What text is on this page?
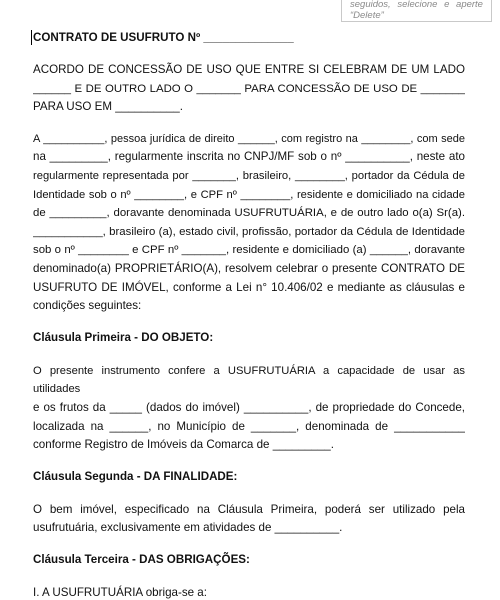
seguidos, selecione e aperte
“Delete”
CONTRATO DE USUFRUTO Nº ______________
ACORDO DE CONCESSÃO DE USO QUE ENTRE SI CELEBRAM DE UM LADO
______ E DE OUTRO LADO O _______ PARA CONCESSÃO DE USO DE _______
PARA USO EM __________.
A __________, pessoa jurídica de direito ______, com registro na ________, com sede
na _________, regularmente inscrita no CNPJ/MF sob o nº __________, neste ato
regularmente representada por _______, brasileiro, ________, portador da Cédula de
Identidade sob o nº ________, e CPF nº ________, residente e domiciliado na cidade
de _________, doravante denominada USUFRUTUÁRIA, e de outro lado o(a) Sr(a).
___________, brasileiro (a), estado civil, profissão, portador da Cédula de Identidade
sob o nº ________ e CPF nº _______, residente e domiciliado (a) ______, doravante
denominado(a) PROPRIETÁRIO(A), resolvem celebrar o presente CONTRATO DE
USUFRUTO DE IMÓVEL, conforme a Lei n° 10.406/02 e mediante as cláusulas e
condições seguintes:
Cláusula Primeira - DO OBJETO:
O presente instrumento confere a USUFRUTUÁRIA a capacidade de usar as utilidades
e os frutos da _____ (dados do imóvel) __________, de propriedade do Concede,
localizada na ______, no Município de _______, denominada de ___________
conforme Registro de Imóveis da Comarca de _________.
Cláusula Segunda - DA FINALIDADE:
O bem imóvel, especificado na Cláusula Primeira, poderá ser utilizado pela
usufrutuária, exclusivamente em atividades de __________.
Cláusula Terceira - DAS OBRIGAÇÕES:
I. A USUFRUTUÁRIA obriga-se a:
